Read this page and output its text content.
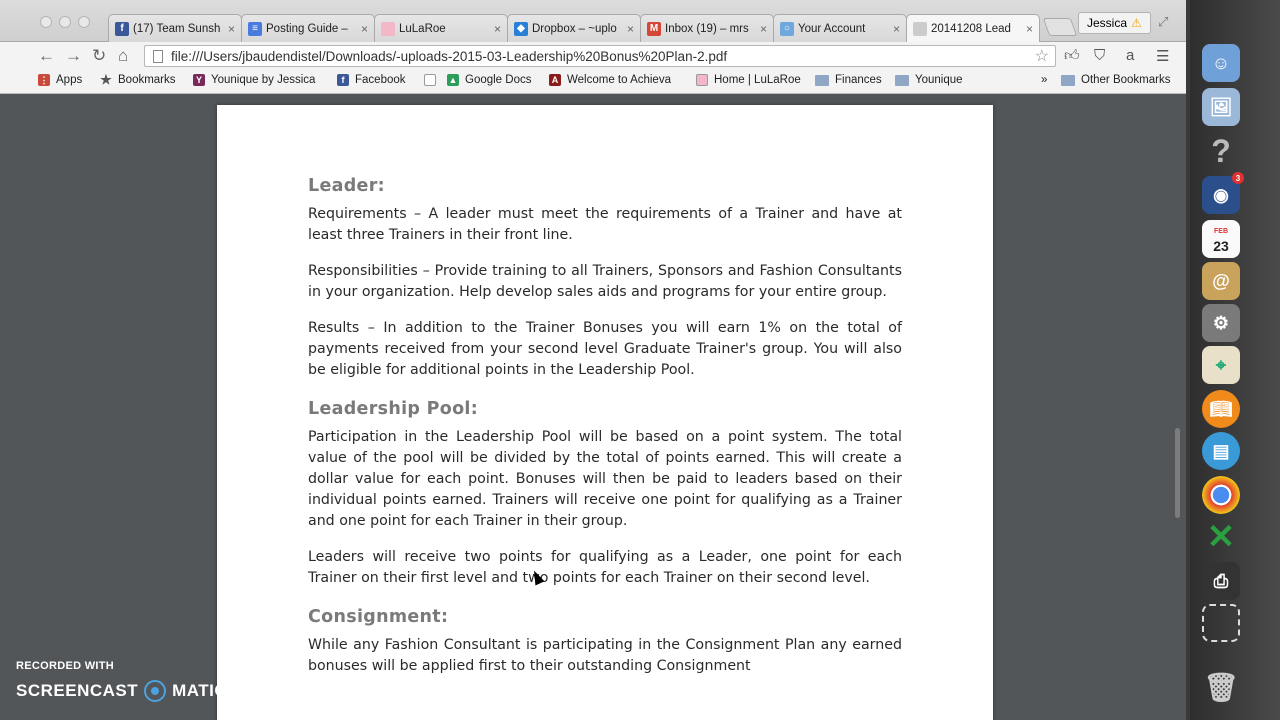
f (17) Team Sunsh ×	≡ Posting Guide –	×	LuLaRoe	×	◆ Dropbox – ~uplo × M Inbox (19) – mrs ×	○ Your Account	×	20141208 Lead	×	Jessica ⚠ ⤢
← → ↻ ⌂	file:///Users/jbaudendistel/Downloads/-uploads-2015-03-Leadership%20Bonus%20Plan-2.pdf	☆ 👍︎ ⛉ a ☰
⋮ Apps ★ Bookmarks	Y Younique by Jessica	f Facebook	▲ Google Docs	A Welcome to Achieva	Home | LuLaRoe	Finances	Younique	»	Other Bookmarks
Leader:

Requirements – A leader must meet the requirements of a Trainer and have at least three Trainers in their front line.

Responsibilities – Provide training to all Trainers, Sponsors and Fashion Consultants in your organization. Help develop sales aids and programs for your entire group.

Results – In addition to the Trainer Bonuses you will earn 1% on the total of payments received from your second level Graduate Trainer's group. You will also be eligible for additional points in the Leadership Pool.

Leadership Pool:

Participation in the Leadership Pool will be based on a point system. The total value of the pool will be divided by the total of points earned. This will create a dollar value for each point. Bonuses will then be paid to leaders based on their individual points earned. Trainers will receive one point for qualifying as a Trainer and one point for each Trainer in their group.

Leaders will receive two points for qualifying as a Leader, one point for each Trainer on their first level and two points for each Trainer on their second level.

Consignment:

While any Fashion Consultant is participating in the Consignment Plan any earned bonuses will be applied first to their outstanding Consignment

☺
🖼︎
?
◉
3
FEB
23
@
⚙
⌖
📖︎
▤
✕
⎙
🗑︎
RECORDED WITH
SCREENCAST MATIC
